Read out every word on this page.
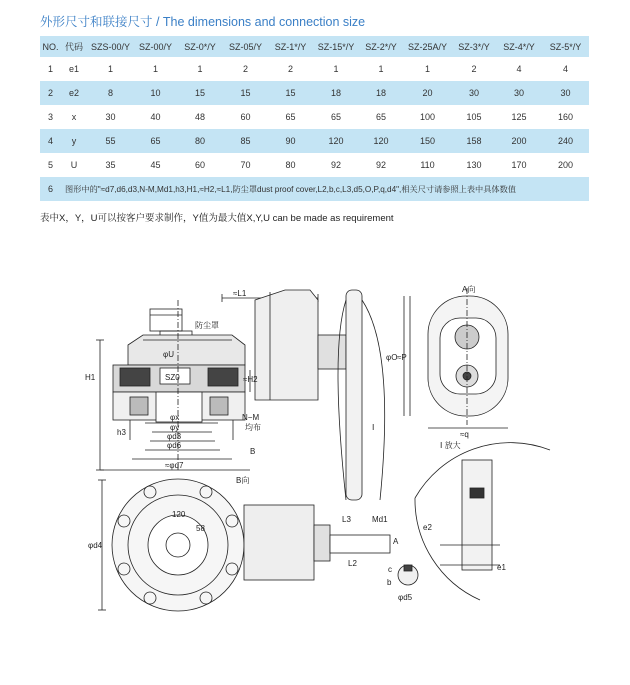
外形尺寸和联接尺寸 / The dimensions and connection size
NO.	代码	SZS-00/Y	SZ-00/Y	SZ-0*/Y	SZ-05/Y	SZ-1*/Y	SZ-15*/Y	SZ-2*/Y	SZ-25A/Y	SZ-3*/Y	SZ-4*/Y	SZ-5*/Y
1	e1	1	1	1	2	2	1	1	1	2	4	4
2	e2	8	10	15	15	15	18	18	20	30	30	30
3	x	30	40	48	60	65	65	65	100	105	125	160
4	y	55	65	80	85	90	120	120	150	158	200	240
5	U	35	45	60	70	80	92	92	110	130	170	200
6	图形中的"≈d7,d6,d3,N-M,Md1,h3,H1,≈H2,≈L1,防尘罩dust proof cover,L2,b,c,L3,d5,O,P,q,d4",相关尺寸请参照上表中具体数值											
表中X，Y，U可以按客户要求制作，Y值为最大值X,Y,U can be made as requirement
SZ0
≈L1
防尘罩
φU
H1	≈H2
h3
φx
φy
φd3
φd6
≈φd7
N−M
均布
B
B向
φO ≈P
≈q
A向
Ⅰ 放大
Ⅰ
e2
e1
φd4
120
58
L3	Md1
L2
A
c
b
φd5
